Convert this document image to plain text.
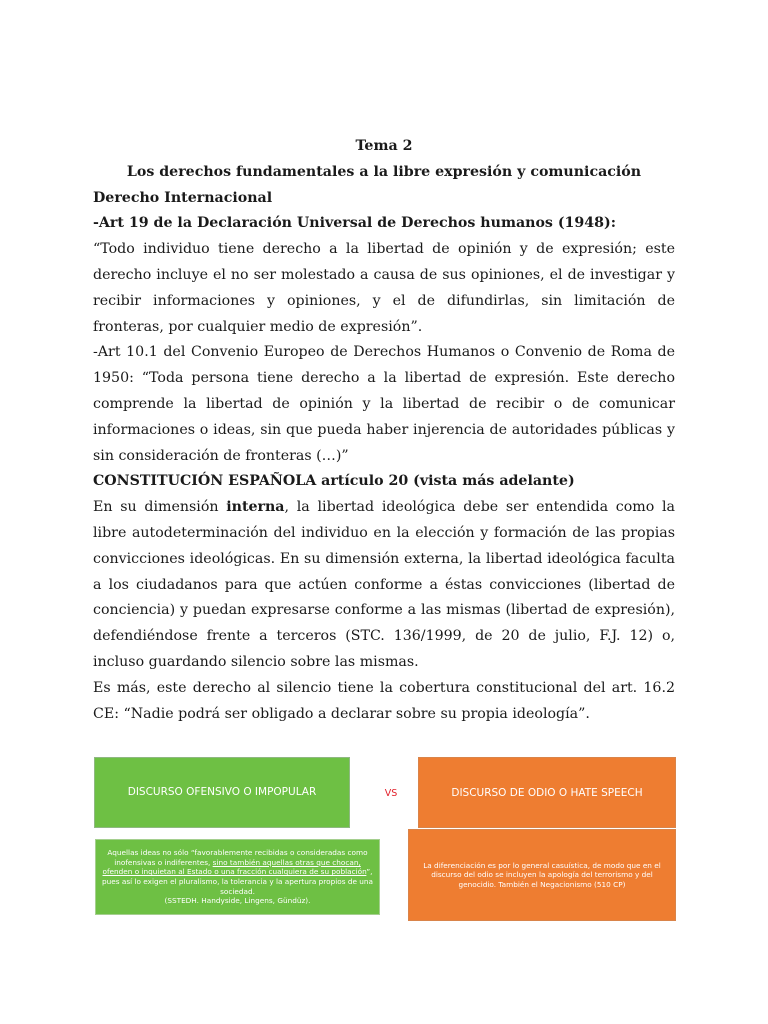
Tema 2
Los derechos fundamentales a la libre expresión y comunicación
Derecho Internacional
-Art 19 de la Declaración Universal de Derechos humanos (1948):

“Todo individuo tiene derecho a la libertad de opinión y de expresión; este derecho incluye el no ser molestado a causa de sus opiniones, el de investigar y recibir informaciones y opiniones, y el de difundirlas, sin limitación de fronteras, por cualquier medio de expresión”.

-Art 10.1 del Convenio Europeo de Derechos Humanos o Convenio de Roma de 1950: “Toda persona tiene derecho a la libertad de expresión. Este derecho comprende la libertad de opinión y la libertad de recibir o de comunicar informaciones o ideas, sin que pueda haber injerencia de autoridades públicas y sin consideración de fronteras (…)”

CONSTITUCIÓN ESPAÑOLA artículo 20 (vista más adelante)

En su dimensión interna, la libertad ideológica debe ser entendida como la libre autodeterminación del individuo en la elección y formación de las propias convicciones ideológicas. En su dimensión externa, la libertad ideológica faculta a los ciudadanos para que actúen conforme a éstas convicciones (libertad de conciencia) y puedan expresarse conforme a las mismas (libertad de expresión), defendiéndose frente a terceros (STC. 136/1999, de 20 de julio, F.J. 12) o, incluso guardando silencio sobre las mismas.

Es más, este derecho al silencio tiene la cobertura constitucional del art. 16.2 CE: “Nadie podrá ser obligado a declarar sobre su propia ideología”.

DISCURSO OFENSIVO O IMPOPULAR	VS	DISCURSO DE ODIO O HATE SPEECH
Aquellas ideas no sólo “favorablemente recibidas o consideradas como inofensivas o indiferentes, sino también aquellas otras que chocan, ofenden o inquietan al Estado o una fracción cualquiera de su población”, pues así lo exigen el pluralismo, la tolerancia y la apertura propios de una sociedad.
(SSTEDH. Handyside, Lingens, Gündüz).
La diferenciación es por lo general casuística, de modo que en el discurso del odio se incluyen la apología del terrorismo y del genocidio. También el Negacionismo (510 CP)
